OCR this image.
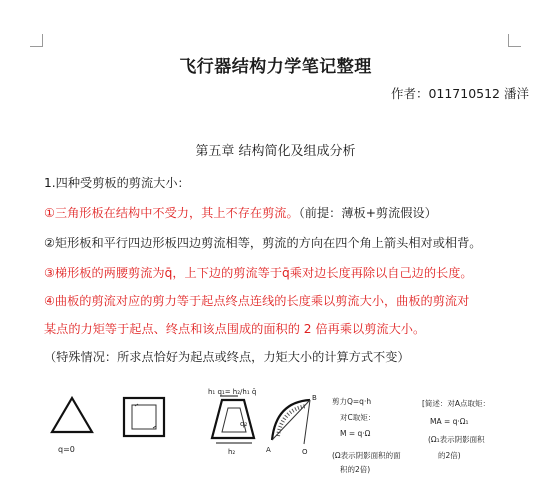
飞行器结构力学笔记整理
作者：011710512 潘洋
第五章 结构简化及组成分析
1.四种受剪板的剪流大小：
①三角形板在结构中不受力，其上不存在剪流。（前提：薄板+剪流假设）
②矩形板和平行四边形板四边剪流相等，剪流的方向在四个角上箭头相对或相背。
③梯形板的两腰剪流为q̄，上下边的剪流等于q̄乘对边长度再除以自己边的长度。
④曲板的剪流对应的剪力等于起点终点连线的长度乘以剪流大小，曲板的剪流对
某点的力矩等于起点、终点和该点围成的面积的 2 倍再乘以剪流大小。
（特殊情况：所求点恰好为起点或终点，力矩大小的计算方式不变）
q=0
h₁ q₁= h₂/h₁ q̄
h₂
q₂
A
B
O
剪力Q=q·h 对C取矩： M = q·Ω (Ω表示阴影面积的面 积的2倍)
[简述：对A点取矩： MA = q·Ω₁ (Ω₁表示阴影面积 的2倍)
